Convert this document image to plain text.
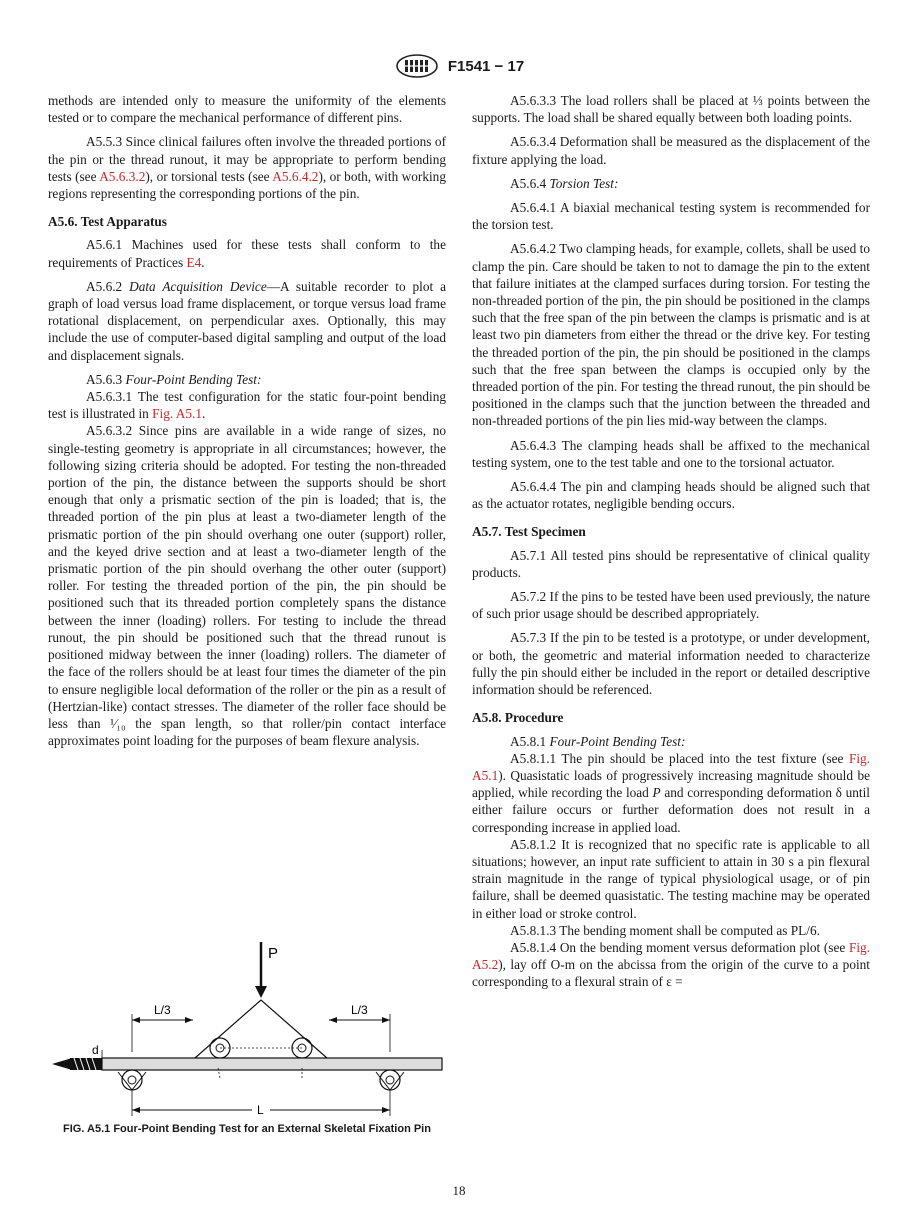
F1541 − 17

methods are intended only to measure the uniformity of the elements tested or to compare the mechanical performance of different pins.

A5.5.3 Since clinical failures often involve the threaded portions of the pin or the thread runout, it may be appropriate to perform bending tests (see A5.6.3.2), or torsional tests (see A5.6.4.2), or both, with working regions representing the corresponding portions of the pin.

A5.6. Test Apparatus

A5.6.1 Machines used for these tests shall conform to the requirements of Practices E4.

A5.6.2 Data Acquisition Device—A suitable recorder to plot a graph of load versus load frame displacement, or torque versus load frame rotational displacement, on perpendicular axes. Optionally, this may include the use of computer-based digital sampling and output of the load and displacement signals.

A5.6.3 Four-Point Bending Test:

A5.6.3.1 The test configuration for the static four-point bending test is illustrated in Fig. A5.1.

A5.6.3.2 Since pins are available in a wide range of sizes, no single-testing geometry is appropriate in all circumstances; however, the following sizing criteria should be adopted. For testing the non-threaded portion of the pin, the distance between the supports should be short enough that only a prismatic section of the pin is loaded; that is, the threaded portion of the pin plus at least a two-diameter length of the prismatic portion of the pin should overhang one outer (support) roller, and the keyed drive section and at least a two-diameter length of the prismatic portion of the pin should overhang the other outer (support) roller. For testing the threaded portion of the pin, the pin should be positioned such that its threaded portion completely spans the distance between the inner (loading) rollers. For testing to include the thread runout, the pin should be positioned such that the thread runout is positioned midway between the inner (loading) rollers. The diameter of the face of the rollers should be at least four times the diameter of the pin to ensure negligible local deformation of the roller or the pin as a result of (Hertzian-like) contact stresses. The diameter of the roller face should be less than ¹⁄₁₀ the span length, so that roller/pin contact interface approximates point loading for the purposes of beam flexure analysis.

P
L/3	L/3
d
L
FIG. A5.1 Four-Point Bending Test for an External Skeletal Fixation Pin

A5.6.3.3 The load rollers shall be placed at ⅓ points between the supports. The load shall be shared equally between both loading points.

A5.6.3.4 Deformation shall be measured as the displacement of the fixture applying the load.

A5.6.4 Torsion Test:

A5.6.4.1 A biaxial mechanical testing system is recommended for the torsion test.

A5.6.4.2 Two clamping heads, for example, collets, shall be used to clamp the pin. Care should be taken to not to damage the pin to the extent that failure initiates at the clamped surfaces during torsion. For testing the non-threaded portion of the pin, the pin should be positioned in the clamps such that the free span of the pin between the clamps is prismatic and is at least two pin diameters from either the thread or the drive key. For testing the threaded portion of the pin, the pin should be positioned in the clamps such that the free span between the clamps is occupied only by the threaded portion of the pin. For testing the thread runout, the pin should be positioned in the clamps such that the junction between the threaded and non-threaded portions of the pin lies mid-way between the clamps.

A5.6.4.3 The clamping heads shall be affixed to the mechanical testing system, one to the test table and one to the torsional actuator.

A5.6.4.4 The pin and clamping heads should be aligned such that as the actuator rotates, negligible bending occurs.

A5.7. Test Specimen

A5.7.1 All tested pins should be representative of clinical quality products.

A5.7.2 If the pins to be tested have been used previously, the nature of such prior usage should be described appropriately.

A5.7.3 If the pin to be tested is a prototype, or under development, or both, the geometric and material information needed to characterize fully the pin should either be included in the report or detailed descriptive information should be referenced.

A5.8. Procedure

A5.8.1 Four-Point Bending Test:

A5.8.1.1 The pin should be placed into the test fixture (see Fig. A5.1). Quasistatic loads of progressively increasing magnitude should be applied, while recording the load P and corresponding deformation δ until either failure occurs or further deformation does not result in a corresponding increase in applied load.

A5.8.1.2 It is recognized that no specific rate is applicable to all situations; however, an input rate sufficient to attain in 30 s a pin flexural strain magnitude in the range of typical physiological usage, or of pin failure, shall be deemed quasistatic. The testing machine may be operated in either load or stroke control.

A5.8.1.3 The bending moment shall be computed as PL/6.

A5.8.1.4 On the bending moment versus deformation plot (see Fig. A5.2), lay off O-m on the abcissa from the origin of the curve to a point corresponding to a flexural strain of ε =

18
